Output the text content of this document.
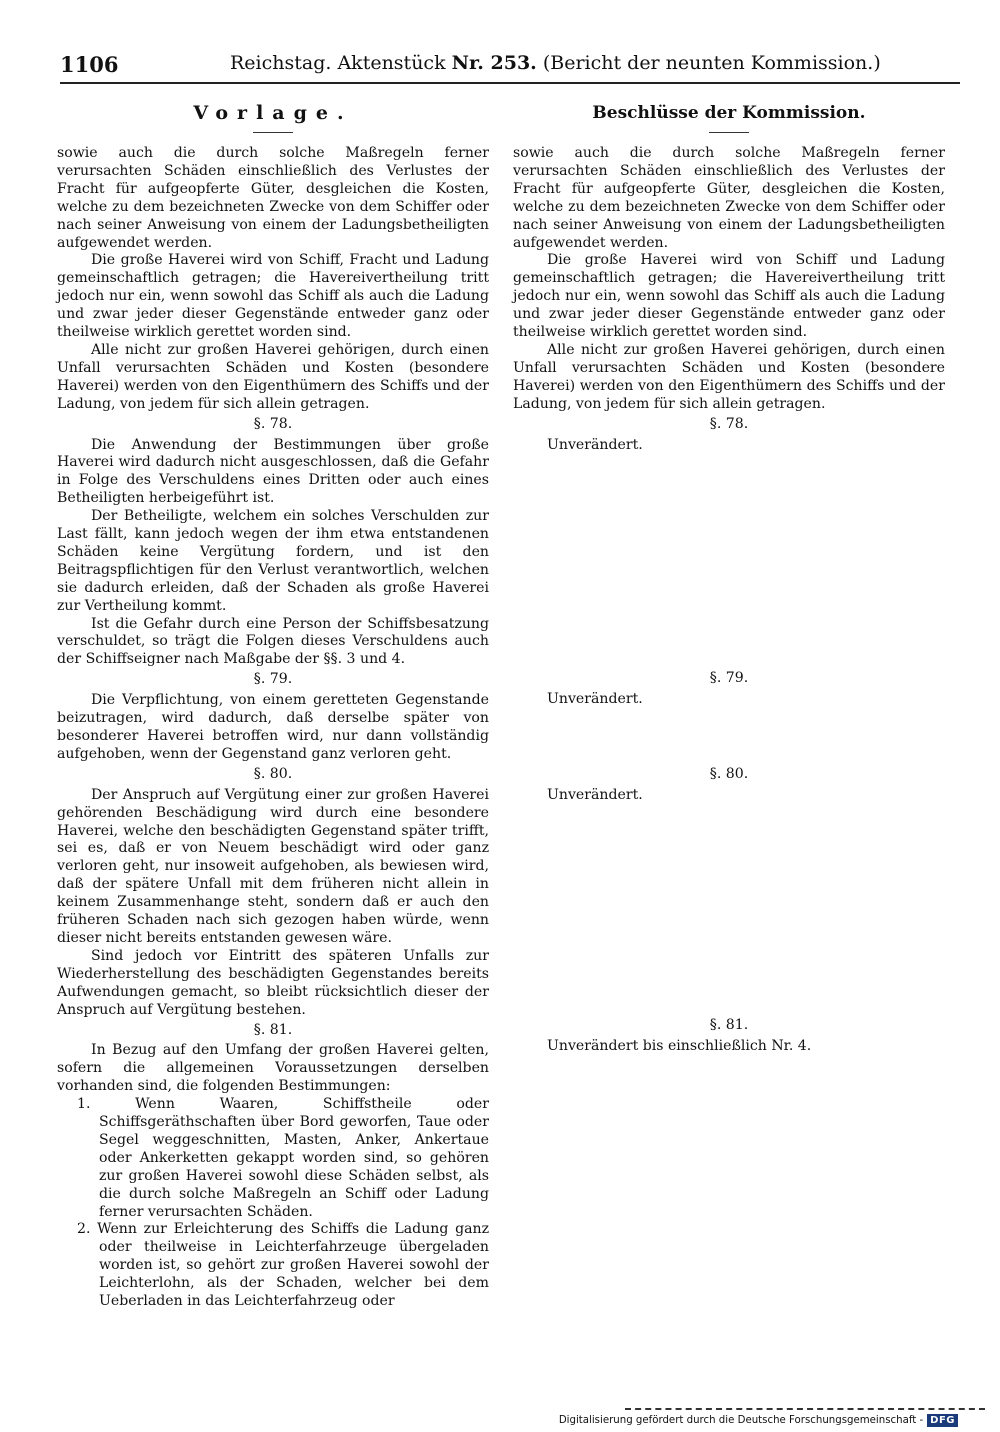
1106	Reichstag. Aktenstück Nr. 253. (Bericht der neunten Kommission.)
Vorlage.

sowie auch die durch solche Maßregeln ferner verursachten Schäden einschließlich des Verlustes der Fracht für aufgeopferte Güter, desgleichen die Kosten, welche zu dem bezeichneten Zwecke von dem Schiffer oder nach seiner Anweisung von einem der Ladungsbetheiligten aufgewendet werden.

Die große Haverei wird von Schiff, Fracht und Ladung gemeinschaftlich getragen; die Havereivertheilung tritt jedoch nur ein, wenn sowohl das Schiff als auch die Ladung und zwar jeder dieser Gegenstände entweder ganz oder theilweise wirklich gerettet worden sind.

Alle nicht zur großen Haverei gehörigen, durch einen Unfall verursachten Schäden und Kosten (besondere Haverei) werden von den Eigenthümern des Schiffs und der Ladung, von jedem für sich allein getragen.

§. 78.

Die Anwendung der Bestimmungen über große Haverei wird dadurch nicht ausgeschlossen, daß die Gefahr in Folge des Verschuldens eines Dritten oder auch eines Betheiligten herbeigeführt ist.

Der Betheiligte, welchem ein solches Verschulden zur Last fällt, kann jedoch wegen der ihm etwa entstandenen Schäden keine Vergütung fordern, und ist den Beitragspflichtigen für den Verlust verantwortlich, welchen sie dadurch erleiden, daß der Schaden als große Haverei zur Vertheilung kommt.

Ist die Gefahr durch eine Person der Schiffsbesatzung verschuldet, so trägt die Folgen dieses Verschuldens auch der Schiffseigner nach Maßgabe der §§. 3 und 4.

§. 79.

Die Verpflichtung, von einem geretteten Gegenstande beizutragen, wird dadurch, daß derselbe später von besonderer Haverei betroffen wird, nur dann vollständig aufgehoben, wenn der Gegenstand ganz verloren geht.

§. 80.

Der Anspruch auf Vergütung einer zur großen Haverei gehörenden Beschädigung wird durch eine besondere Haverei, welche den beschädigten Gegenstand später trifft, sei es, daß er von Neuem beschädigt wird oder ganz verloren geht, nur insoweit aufgehoben, als bewiesen wird, daß der spätere Unfall mit dem früheren nicht allein in keinem Zusammenhange steht, sondern daß er auch den früheren Schaden nach sich gezogen haben würde, wenn dieser nicht bereits entstanden gewesen wäre.

Sind jedoch vor Eintritt des späteren Unfalls zur Wiederherstellung des beschädigten Gegenstandes bereits Aufwendungen gemacht, so bleibt rücksichtlich dieser der Anspruch auf Vergütung bestehen.

§. 81.

In Bezug auf den Umfang der großen Haverei gelten, sofern die allgemeinen Voraussetzungen derselben vorhanden sind, die folgenden Bestimmungen:

1. Wenn Waaren, Schiffstheile oder Schiffsgeräthschaften über Bord geworfen, Taue oder Segel weggeschnitten, Masten, Anker, Ankertaue oder Ankerketten gekappt worden sind, so gehören zur großen Haverei sowohl diese Schäden selbst, als die durch solche Maßregeln an Schiff oder Ladung ferner verursachten Schäden.

2. Wenn zur Erleichterung des Schiffs die Ladung ganz oder theilweise in Leichterfahrzeuge übergeladen worden ist, so gehört zur großen Haverei sowohl der Leichterlohn, als der Schaden, welcher bei dem Ueberladen in das Leichterfahrzeug oder

Beschlüsse der Kommission.

sowie auch die durch solche Maßregeln ferner verursachten Schäden einschließlich des Verlustes der Fracht für aufgeopferte Güter, desgleichen die Kosten, welche zu dem bezeichneten Zwecke von dem Schiffer oder nach seiner Anweisung von einem der Ladungsbetheiligten aufgewendet werden.

Die große Haverei wird von Schiff und Ladung gemeinschaftlich getragen; die Havereivertheilung tritt jedoch nur ein, wenn sowohl das Schiff als auch die Ladung und zwar jeder dieser Gegenstände entweder ganz oder theilweise wirklich gerettet worden sind.

Alle nicht zur großen Haverei gehörigen, durch einen Unfall verursachten Schäden und Kosten (besondere Haverei) werden von den Eigenthümern des Schiffs und der Ladung, von jedem für sich allein getragen.

§. 78.

Unverändert.

§. 79.

Unverändert.

§. 80.

Unverändert.

§. 81.

Unverändert bis einschließlich Nr. 4.

Digitalisierung gefördert durch die Deutsche Forschungsgemeinschaft - DFG
